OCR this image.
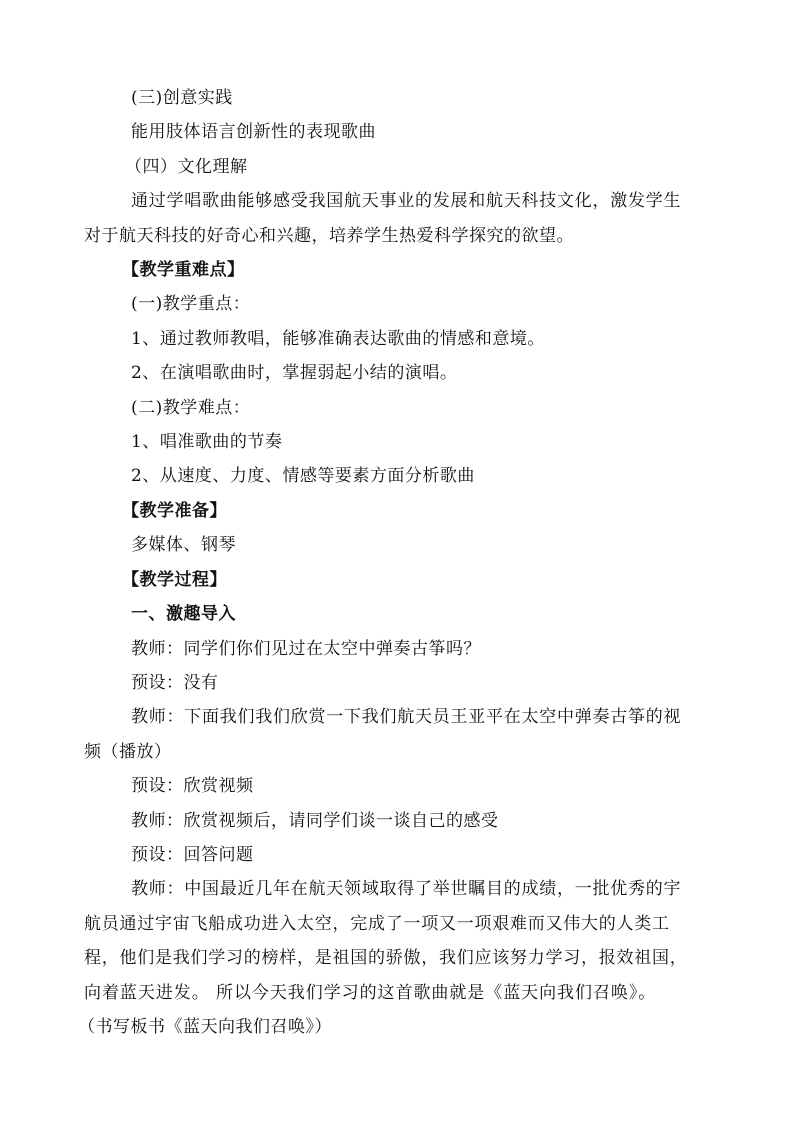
(三)创意实践
能用肢体语言创新性的表现歌曲
（四）文化理解
通过学唱歌曲能够感受我国航天事业的发展和航天科技文化，激发学生
对于航天科技的好奇心和兴趣，培养学生热爱科学探究的欲望。
【教学重难点】
(一)教学重点：
1、通过教师教唱，能够准确表达歌曲的情感和意境。
2、在演唱歌曲时，掌握弱起小结的演唱。
(二)教学难点：
1、唱准歌曲的节奏
2、从速度、力度、情感等要素方面分析歌曲
【教学准备】
多媒体、钢琴
【教学过程】
一、激趣导入
教师：同学们你们见过在太空中弹奏古筝吗？
预设：没有
教师：下面我们我们欣赏一下我们航天员王亚平在太空中弹奏古筝的视
频（播放）
预设：欣赏视频
教师：欣赏视频后，请同学们谈一谈自己的感受
预设：回答问题
教师：中国最近几年在航天领域取得了举世瞩目的成绩，一批优秀的宇
航员通过宇宙飞船成功进入太空，完成了一项又一项艰难而又伟大的人类工
程，他们是我们学习的榜样，是祖国的骄傲，我们应该努力学习，报效祖国，
向着蓝天进发。 所以今天我们学习的这首歌曲就是《蓝天向我们召唤》。
（书写板书《蓝天向我们召唤》）
